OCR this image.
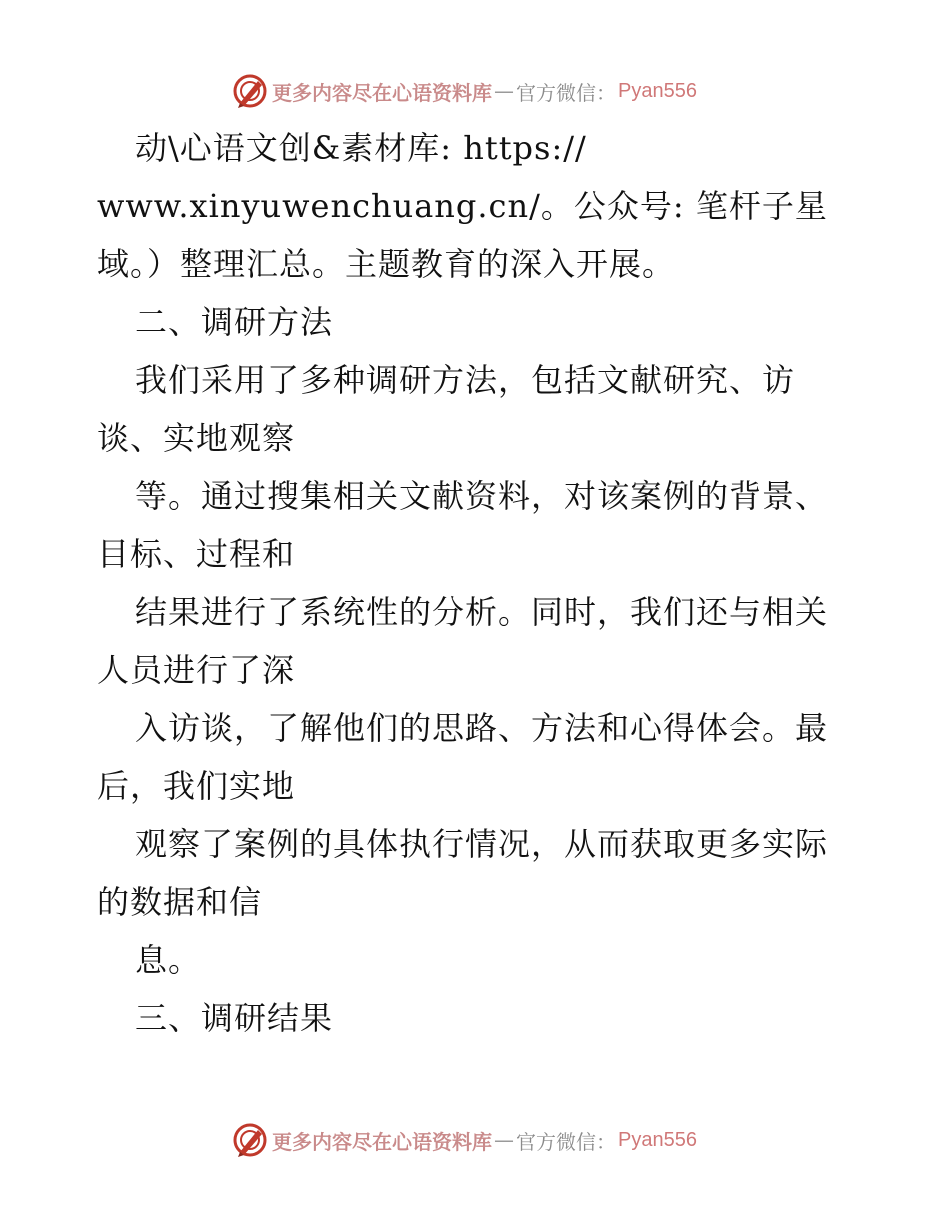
更多内容尽在心语资料库 — 官方微信： Pyan556
动\心语文创&素材库: https://
www.xinyuwenchuang.cn/。公众号: 笔杆子星
域。）整理汇总。主题教育的深入开展。
二、调研方法
我们采用了多种调研方法，包括文献研究、访
谈、实地观察
等。通过搜集相关文献资料，对该案例的背景、
目标、过程和
结果进行了系统性的分析。同时，我们还与相关
人员进行了深
入访谈，了解他们的思路、方法和心得体会。最
后，我们实地
观察了案例的具体执行情况，从而获取更多实际
的数据和信
息。
三、调研结果
更多内容尽在心语资料库 — 官方微信： Pyan556
